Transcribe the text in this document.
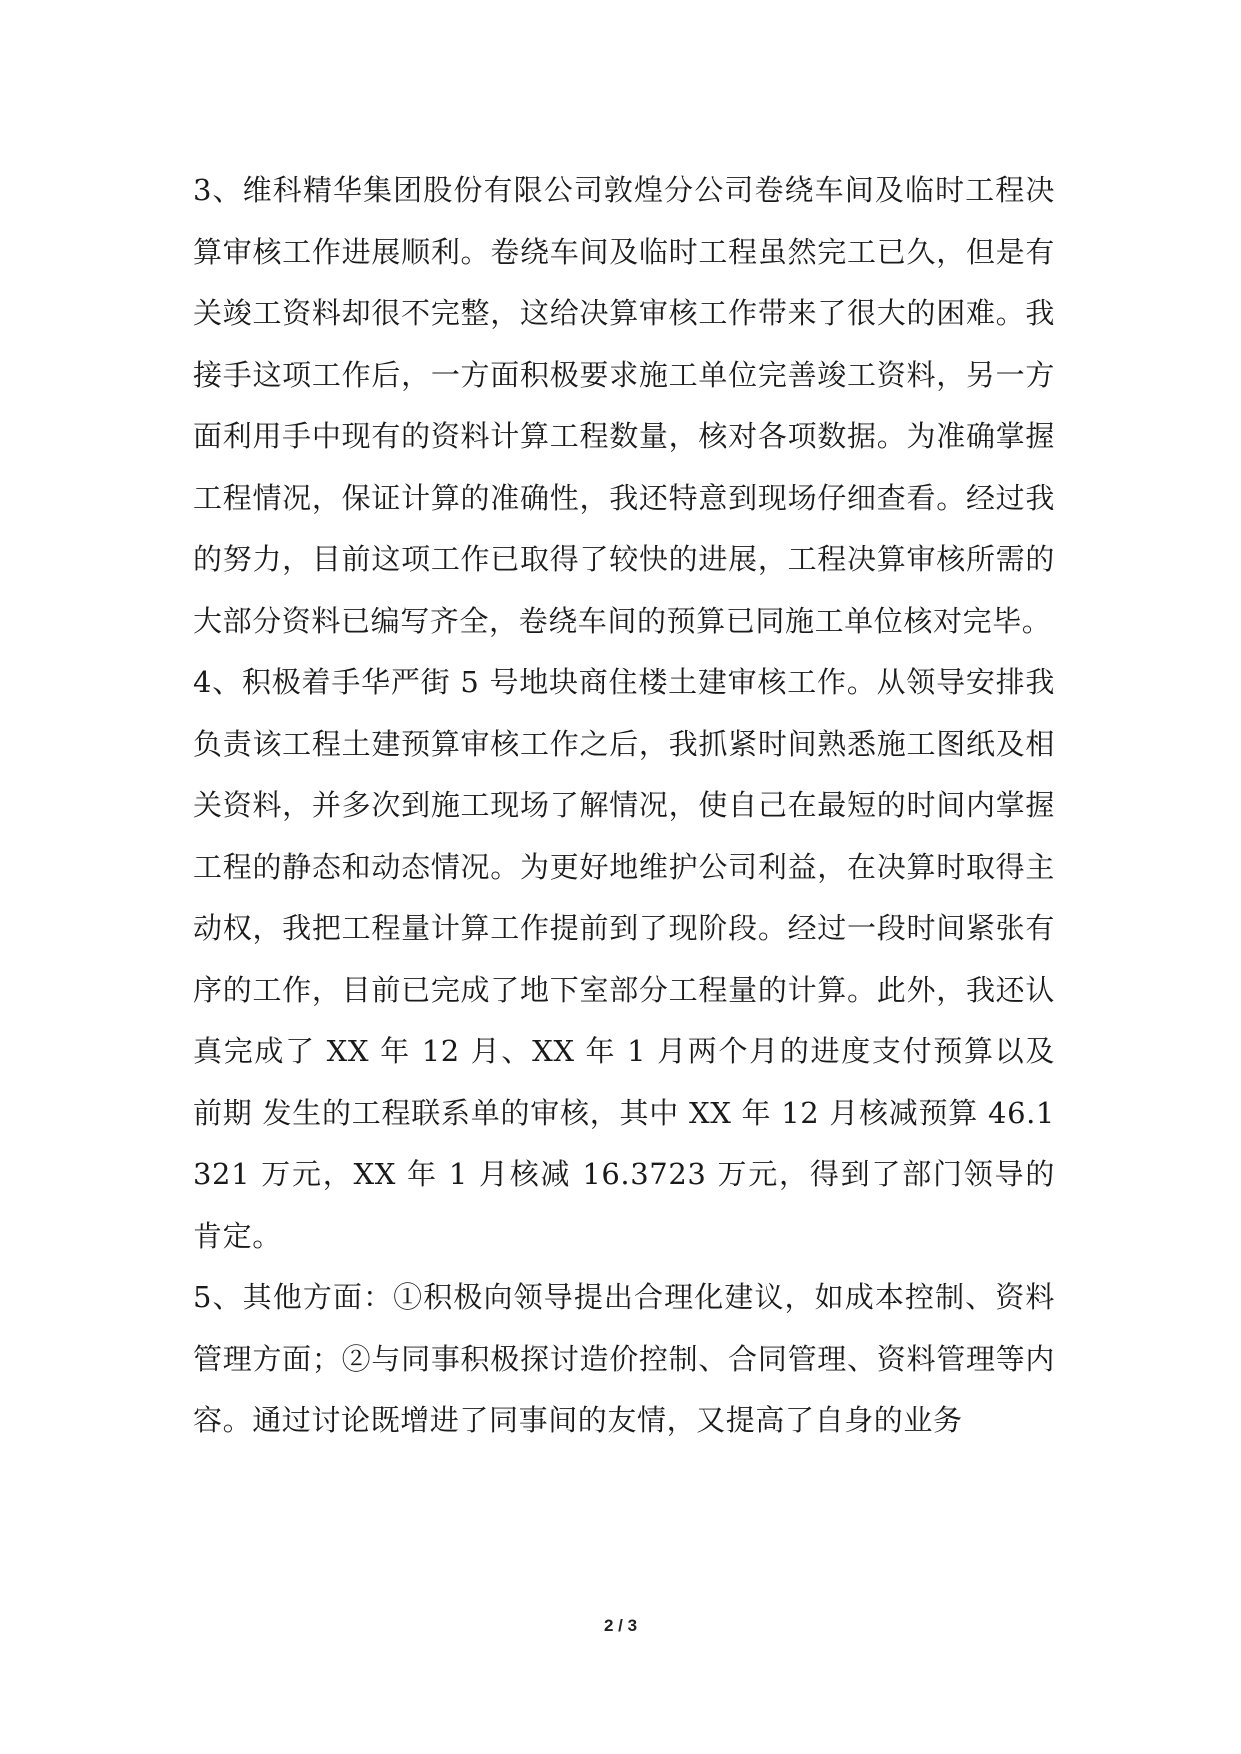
3、维科精华集团股份有限公司敦煌分公司卷绕车间及临时工程决算审核工作进展顺利。卷绕车间及临时工程虽然完工已久，但是有关竣工资料却很不完整，这给决算审核工作带来了很大的困难。我接手这项工作后，一方面积极要求施工单位完善竣工资料，另一方面利用手中现有的资料计算工程数量，核对各项数据。为准确掌握工程情况，保证计算的准确性，我还特意到现场仔细查看。经过我的努力，目前这项工作已取得了较快的进展，工程决算审核所需的大部分资料已编写齐全，卷绕车间的预算已同施工单位核对完毕。

4、积极着手华严街 5 号地块商住楼土建审核工作。从领导安排我负责该工程土建预算审核工作之后，我抓紧时间熟悉施工图纸及相关资料，并多次到施工现场了解情况，使自己在最短的时间内掌握工程的静态和动态情况。为更好地维护公司利益，在决算时取得主动权，我把工程量计算工作提前到了现阶段。经过一段时间紧张有序的工作，目前已完成了地下室部分工程量的计算。此外，我还认真完成了 XX 年 12 月、XX 年 1 月两个月的进度支付预算以及前期 发生的工程联系单的审核，其中 XX 年 12 月核减预算 46.1321 万元，XX 年 1 月核减 16.3723 万元，得到了部门领导的肯定。

5、其他方面：①积极向领导提出合理化建议，如成本控制、资料管理方面；②与同事积极探讨造价控制、合同管理、资料管理等内容。通过讨论既增进了同事间的友情，又提高了自身的业务

2 / 3
